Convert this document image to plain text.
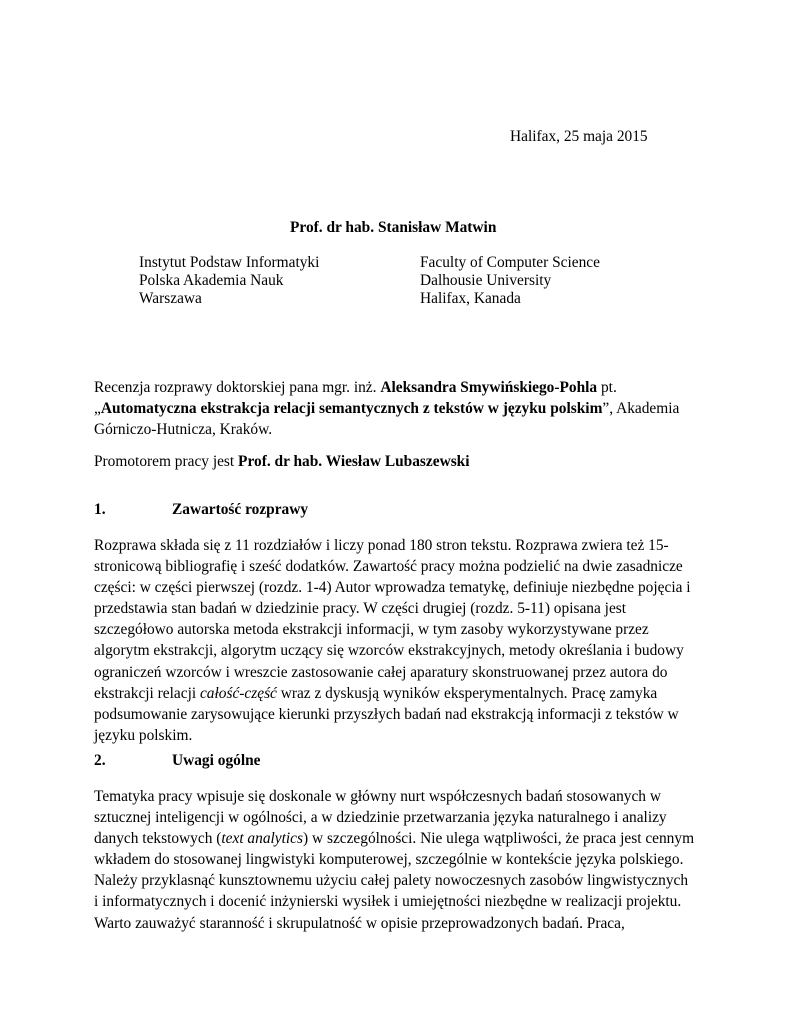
Halifax, 25 maja 2015
Prof. dr hab. Stanisław Matwin
Instytut Podstaw Informatyki
Polska Akademia Nauk
Warszawa
Faculty of Computer Science
Dalhousie University
Halifax, Kanada
Recenzja rozprawy doktorskiej pana mgr. inż. Aleksandra Smywińskiego-Pohla pt.
„Automatyczna ekstrakcja relacji semantycznych z tekstów w języku polskim”, Akademia
Górniczo-Hutnicza, Kraków.
Promotorem pracy jest Prof. dr hab. Wiesław Lubaszewski
1.	Zawartość rozprawy
Rozprawa składa się z 11 rozdziałów i liczy ponad 180 stron tekstu. Rozprawa zwiera też 15-
stronicową bibliografię i sześć dodatków. Zawartość pracy można podzielić na dwie zasadnicze
części: w części pierwszej (rozdz. 1-4) Autor wprowadza tematykę, definiuje niezbędne pojęcia i
przedstawia stan badań w dziedzinie pracy. W części drugiej (rozdz. 5-11) opisana jest
szczegółowo autorska metoda ekstrakcji informacji, w tym zasoby wykorzystywane przez
algorytm ekstrakcji, algorytm uczący się wzorców ekstrakcyjnych, metody określania i budowy
ograniczeń wzorców i wreszcie zastosowanie całej aparatury skonstruowanej przez autora do
ekstrakcji relacji całość-część wraz z dyskusją wyników eksperymentalnych. Pracę zamyka
podsumowanie zarysowujące kierunki przyszłych badań nad ekstrakcją informacji z tekstów w
języku polskim.
2.	Uwagi ogólne
Tematyka pracy wpisuje się doskonale w główny nurt współczesnych badań stosowanych w
sztucznej inteligencji w ogólności, a w dziedzinie przetwarzania języka naturalnego i analizy
danych tekstowych (text analytics) w szczególności. Nie ulega wątpliwości, że praca jest cennym
wkładem do stosowanej lingwistyki komputerowej, szczególnie w kontekście języka polskiego.
Należy przyklasnąć kunsztownemu użyciu całej palety nowoczesnych zasobów lingwistycznych
i informatycznych i docenić inżynierski wysiłek i umiejętności niezbędne w realizacji projektu.
Warto zauważyć staranność i skrupulatność w opisie przeprowadzonych badań. Praca,
